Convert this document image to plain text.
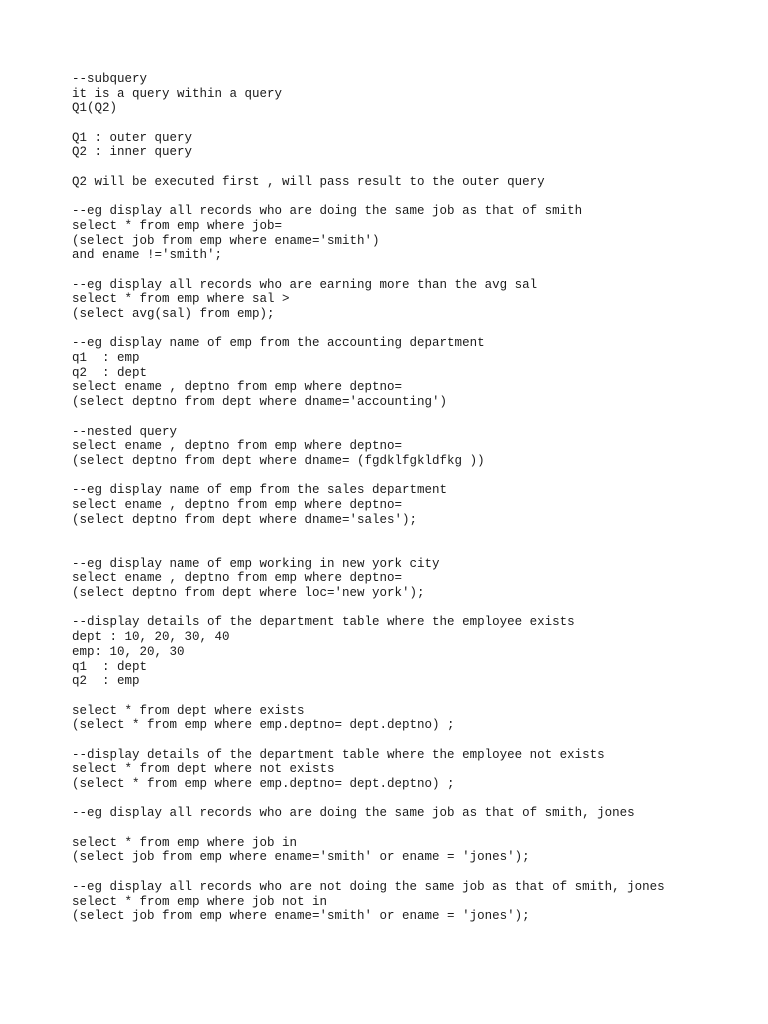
--subquery
it is a query within a query
Q1(Q2)
Q1 : outer query
Q2 : inner query
Q2 will be executed first , will pass result to the outer query
--eg display all records who are doing the same job as that of smith
select * from emp where job=
(select job from emp where ename='smith')
and ename !='smith';
--eg display all records who are earning more than the avg sal
select * from emp where sal >
(select avg(sal) from emp);
--eg display name of emp from the accounting department
q1  : emp
q2  : dept
select ename , deptno from emp where deptno=
(select deptno from dept where dname='accounting')
--nested query
select ename , deptno from emp where deptno=
(select deptno from dept where dname= (fgdklfgkldfkg ))
--eg display name of emp from the sales department
select ename , deptno from emp where deptno=
(select deptno from dept where dname='sales');
--eg display name of emp working in new york city
select ename , deptno from emp where deptno=
(select deptno from dept where loc='new york');
--display details of the department table where the employee exists
dept : 10, 20, 30, 40
emp: 10, 20, 30
q1  : dept
q2  : emp
select * from dept where exists
(select * from emp where emp.deptno= dept.deptno) ;
--display details of the department table where the employee not exists
select * from dept where not exists
(select * from emp where emp.deptno= dept.deptno) ;
--eg display all records who are doing the same job as that of smith, jones
select * from emp where job in
(select job from emp where ename='smith' or ename = 'jones');
--eg display all records who are not doing the same job as that of smith, jones
select * from emp where job not in
(select job from emp where ename='smith' or ename = 'jones');
